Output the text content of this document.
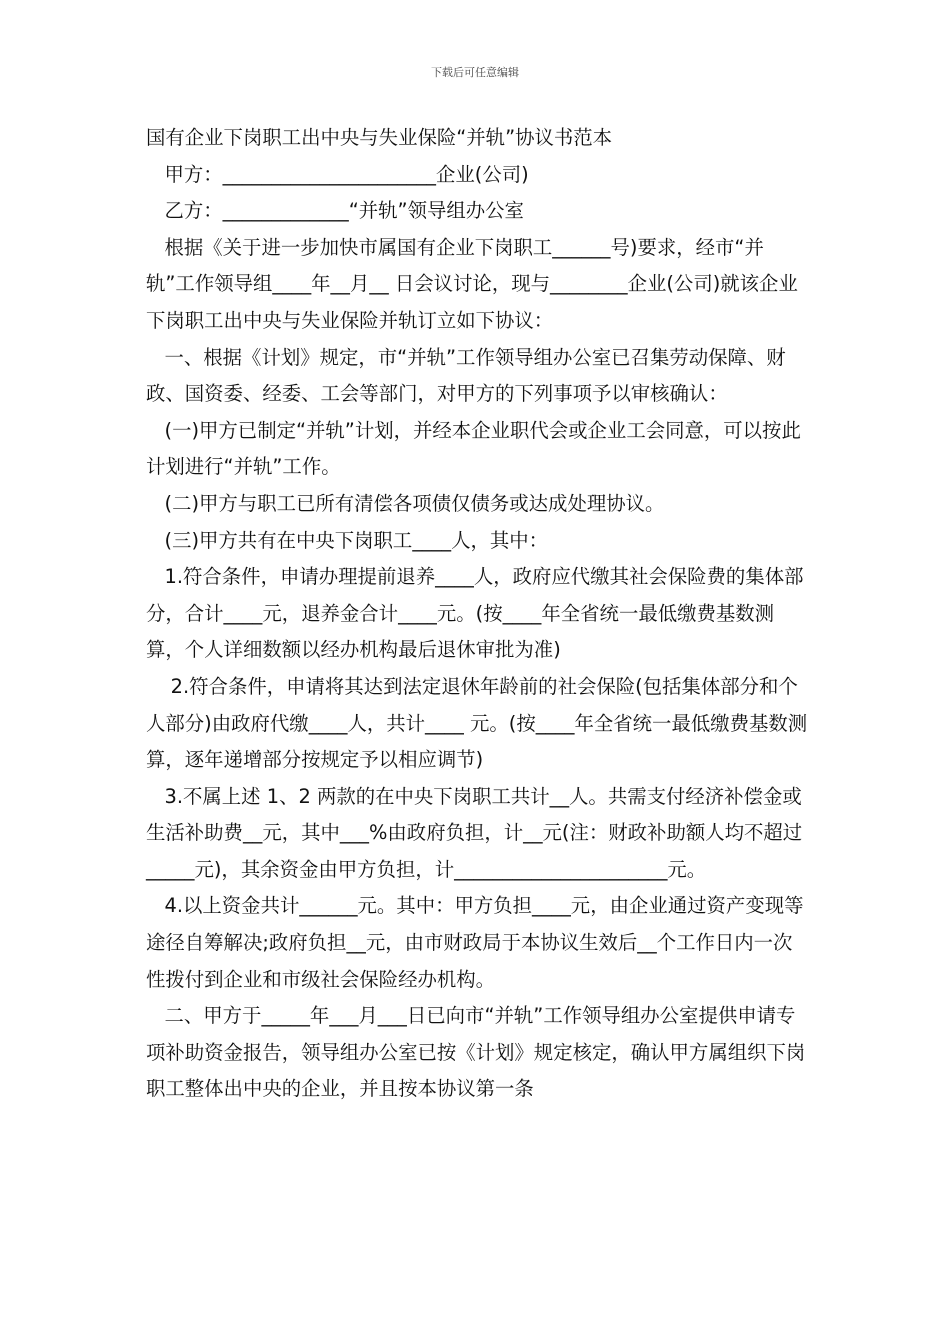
下载后可任意编辑

国有企业下岗职工出中央与失业保险“并轨”协议书范本

甲方：______________________企业(公司)

乙方：_____________“并轨”领导组办公室

根据《关于进一步加快市属国有企业下岗职工______号)要求，经市“并轨”工作领导组____年__月__ 日会议讨论，现与________企业(公司)就该企业下岗职工出中央与失业保险并轨订立如下协议：

一、根据《计划》规定，市“并轨”工作领导组办公室已召集劳动保障、财政、国资委、经委、工会等部门，对甲方的下列事项予以审核确认：

(一)甲方已制定“并轨”计划，并经本企业职代会或企业工会同意，可以按此计划进行“并轨”工作。

(二)甲方与职工已所有清偿各项债仅债务或达成处理协议。

(三)甲方共有在中央下岗职工____人，其中：

1.符合条件，申请办理提前退养____人，政府应代缴其社会保险费的集体部分，合计____元，退养金合计____元。(按____年全省统一最低缴费基数测算，个人详细数额以经办机构最后退休审批为准)

2.符合条件，申请将其达到法定退休年龄前的社会保险(包括集体部分和个人部分)由政府代缴____人，共计____ 元。(按____年全省统一最低缴费基数测算，逐年递增部分按规定予以相应调节)

3.不属上述 1、2 两款的在中央下岗职工共计__人。共需支付经济补偿金或生活补助费__元，其中___%由政府负担，计__元(注：财政补助额人均不超过_____元)，其余资金由甲方负担，计______________________元。

4.以上资金共计______元。其中：甲方负担____元，由企业通过资产变现等途径自筹解决;政府负担__元，由市财政局于本协议生效后__个工作日内一次性拨付到企业和市级社会保险经办机构。

二、甲方于_____年___月___日已向市“并轨”工作领导组办公室提供申请专项补助资金报告，领导组办公室已按《计划》规定核定，确认甲方属组织下岗职工整体出中央的企业，并且按本协议第一条
